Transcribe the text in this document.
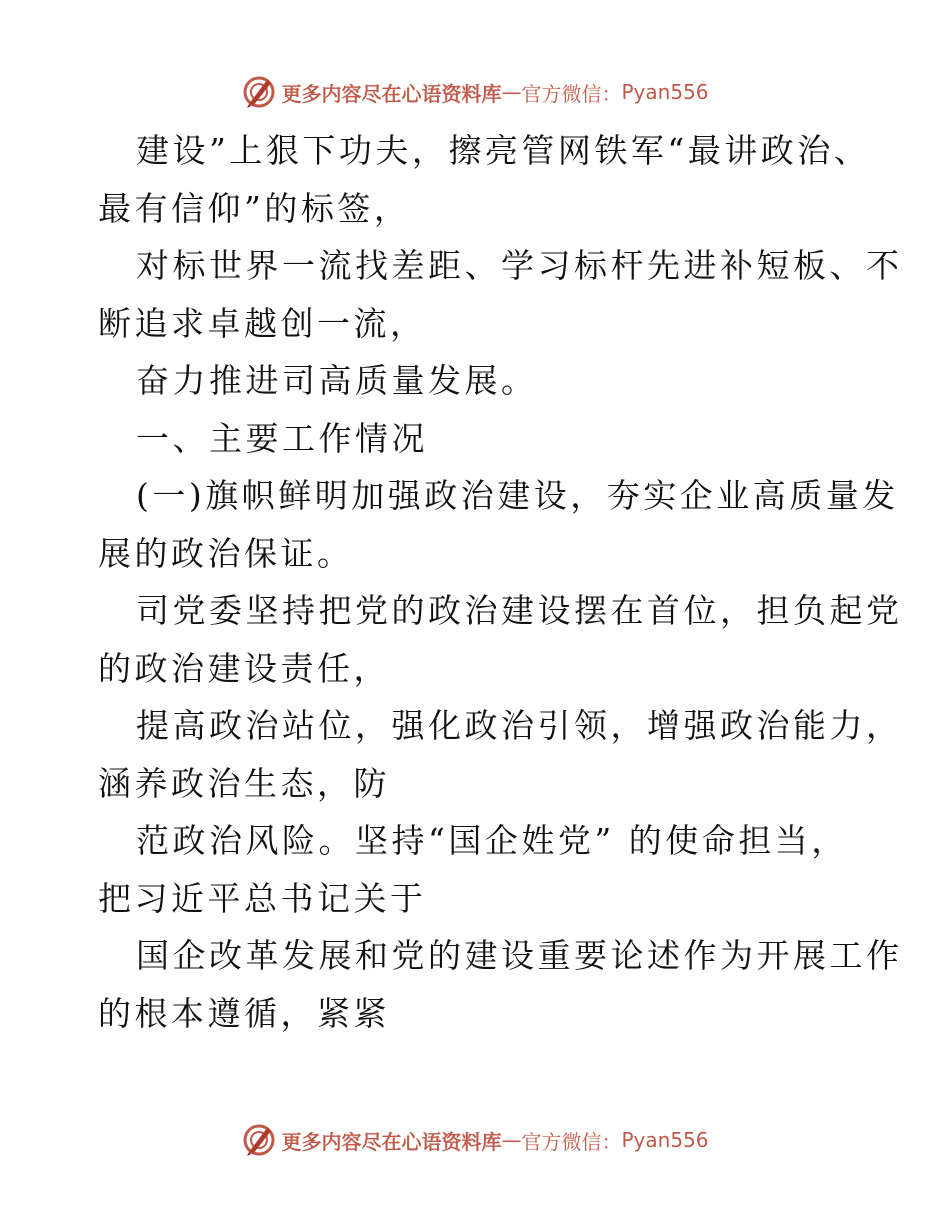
更多内容尽在心语资料库 — 官方微信： Pyan556
建设”上狠下功夫，擦亮管网铁军“最讲政治、
最有信仰”的标签，
对标世界一流找差距、学习标杆先进补短板、不
断追求卓越创一流，
奋力推进司高质量发展。
一、主要工作情况
(一)旗帜鲜明加强政治建设，夯实企业高质量发
展的政治保证。
司党委坚持把党的政治建设摆在首位，担负起党
的政治建设责任，
提高政治站位，强化政治引领，增强政治能力，
涵养政治生态，防
范政治风险。坚持“国企姓党” 的使命担当，
把习近平总书记关于
国企改革发展和党的建设重要论述作为开展工作
的根本遵循，紧紧
更多内容尽在心语资料库 — 官方微信： Pyan556
